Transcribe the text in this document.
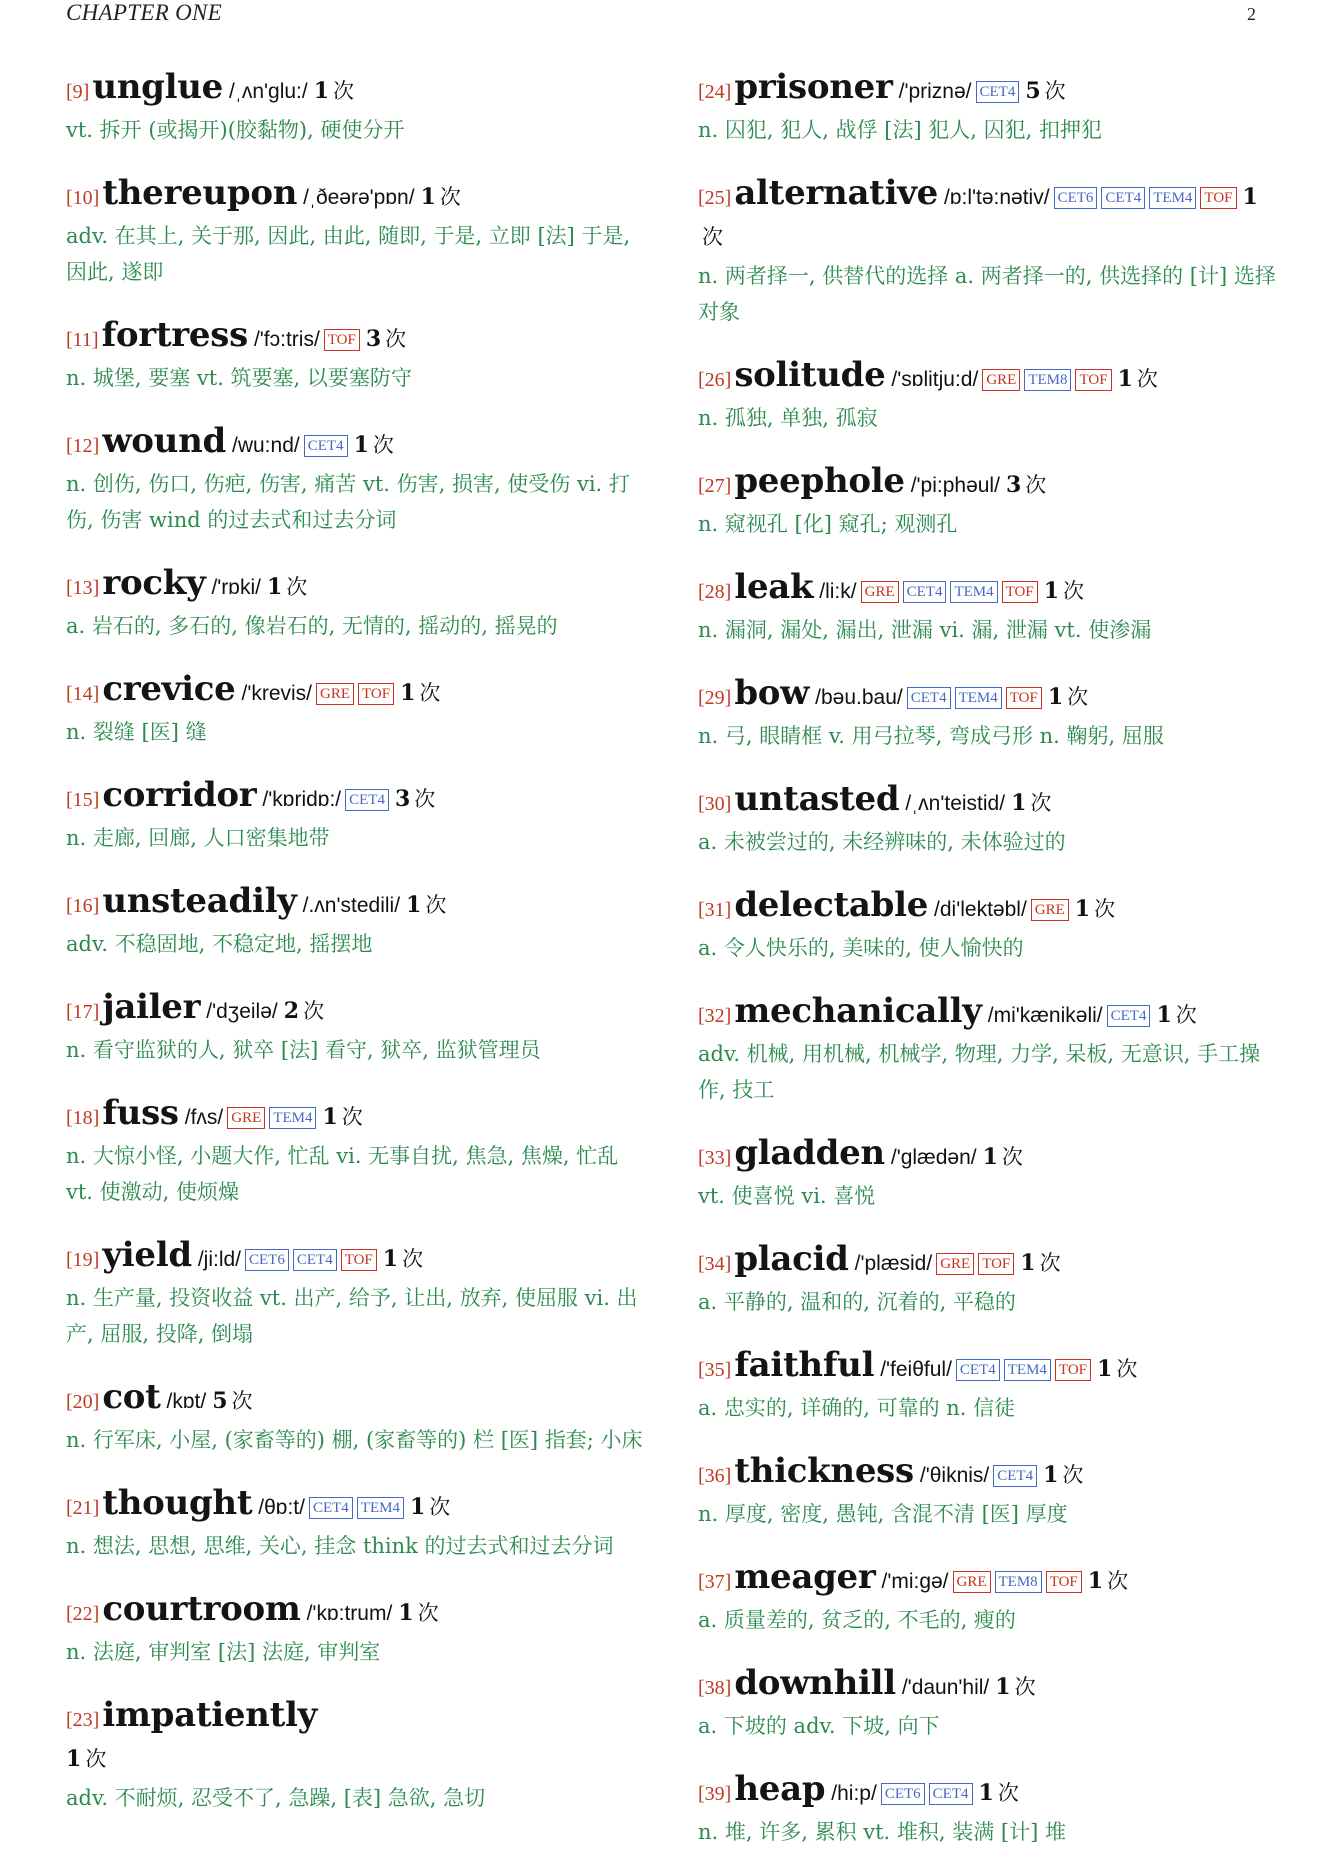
CHAPTER ONE	2
[9]unglue /ˌʌn'glu:/ 1 次
vt. 拆开 (或揭开)(胶黏物), 硬使分开
[10]thereupon /ˌðeərə'pɒn/ 1 次
adv. 在其上, 关于那, 因此, 由此, 随即, 于是, 立即 [法] 于是, 因此, 遂即
[11]fortress /'fɔ:tris/ TOF 3 次
n. 城堡, 要塞 vt. 筑要塞, 以要塞防守
[12]wound /wu:nd/ CET4 1 次
n. 创伤, 伤口, 伤疤, 伤害, 痛苦 vt. 伤害, 损害, 使受伤 vi. 打伤, 伤害 wind 的过去式和过去分词
[13]rocky /'rɒki/ 1 次
a. 岩石的, 多石的, 像岩石的, 无情的, 摇动的, 摇晃的
[14]crevice /'krevis/ GRE TOF 1 次
n. 裂缝 [医] 缝
[15]corridor /'kɒridɒ:/ CET4 3 次
n. 走廊, 回廊, 人口密集地带
[16]unsteadily /.ʌn'stedili/ 1 次
adv. 不稳固地, 不稳定地, 摇摆地
[17]jailer /'dʒeilə/ 2 次
n. 看守监狱的人, 狱卒 [法] 看守, 狱卒, 监狱管理员
[18]fuss /fʌs/ GRE TEM4 1 次
n. 大惊小怪, 小题大作, 忙乱 vi. 无事自扰, 焦急, 焦燥, 忙乱 vt. 使激动, 使烦燥
[19]yield /ji:ld/ CET6 CET4 TOF 1 次
n. 生产量, 投资收益 vt. 出产, 给予, 让出, 放弃, 使屈服 vi. 出产, 屈服, 投降, 倒塌
[20]cot /kɒt/ 5 次
n. 行军床, 小屋, (家畜等的) 棚, (家畜等的) 栏 [医] 指套; 小床
[21]thought /θɒ:t/ CET4 TEM4 1 次
n. 想法, 思想, 思维, 关心, 挂念 think 的过去式和过去分词
[22]courtroom /'kɒ:trum/ 1 次
n. 法庭, 审判室 [法] 法庭, 审判室
[23]impatiently
1 次
adv. 不耐烦, 忍受不了, 急躁, [表] 急欲, 急切
[24]prisoner /'priznə/ CET4 5 次
n. 囚犯, 犯人, 战俘 [法] 犯人, 囚犯, 扣押犯
[25]alternative /ɒ:l'tə:nətiv/ CET6 CET4 TEM4 TOF 1次
n. 两者择一, 供替代的选择 a. 两者择一的, 供选择的 [计] 选择对象
[26]solitude /'sɒlitju:d/ GRE TEM8 TOF 1 次
n. 孤独, 单独, 孤寂
[27]peephole /'pi:phəul/ 3 次
n. 窥视孔 [化] 窥孔; 观测孔
[28]leak /li:k/ GRE CET4 TEM4 TOF 1 次
n. 漏洞, 漏处, 漏出, 泄漏 vi. 漏, 泄漏 vt. 使渗漏
[29]bow /bəu.bau/ CET4 TEM4 TOF 1 次
n. 弓, 眼睛框 v. 用弓拉琴, 弯成弓形 n. 鞠躬, 屈服
[30]untasted /ˌʌn'teistid/ 1 次
a. 未被尝过的, 未经辨味的, 未体验过的
[31]delectable /di'lektəbl/ GRE 1 次
a. 令人快乐的, 美味的, 使人愉快的
[32]mechanically /mi'kænikəli/ CET4 1 次
adv. 机械, 用机械, 机械学, 物理, 力学, 呆板, 无意识, 手工操作, 技工
[33]gladden /'glædən/ 1 次
vt. 使喜悦 vi. 喜悦
[34]placid /'plæsid/ GRE TOF 1 次
a. 平静的, 温和的, 沉着的, 平稳的
[35]faithful /'feiθful/ CET4 TEM4 TOF 1 次
a. 忠实的, 详确的, 可靠的 n. 信徒
[36]thickness /'θiknis/ CET4 1 次
n. 厚度, 密度, 愚钝, 含混不清 [医] 厚度
[37]meager /'mi:gə/ GRE TEM8 TOF 1 次
a. 质量差的, 贫乏的, 不毛的, 瘦的
[38]downhill /'daun'hil/ 1 次
a. 下坡的 adv. 下坡, 向下
[39]heap /hi:p/ CET6 CET4 1 次
n. 堆, 许多, 累积 vt. 堆积, 装满 [计] 堆
